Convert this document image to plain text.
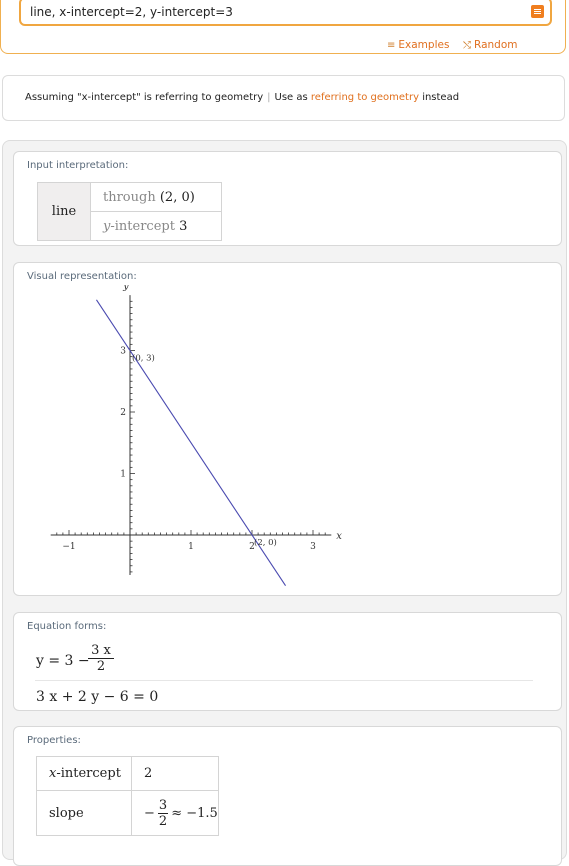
line, x-intercept=2, y-intercept=3
≡ Examples ⤭ Random
Assuming "x-intercept" is referring to geometry | Use as referring to geometry instead
Input interpretation:
line	through (2, 0)
y-intercept 3
Visual representation:
−1	1	2	3
1
2
3
x
y
(0, 3)
(2, 0)
Equation forms:
y = 3 −
$\frac{3 x}{2}$
3 x + 2 y − 6 = 0
Properties:
x-intercept	2
slope	− $\frac{3}{2} \approx -1.5$
